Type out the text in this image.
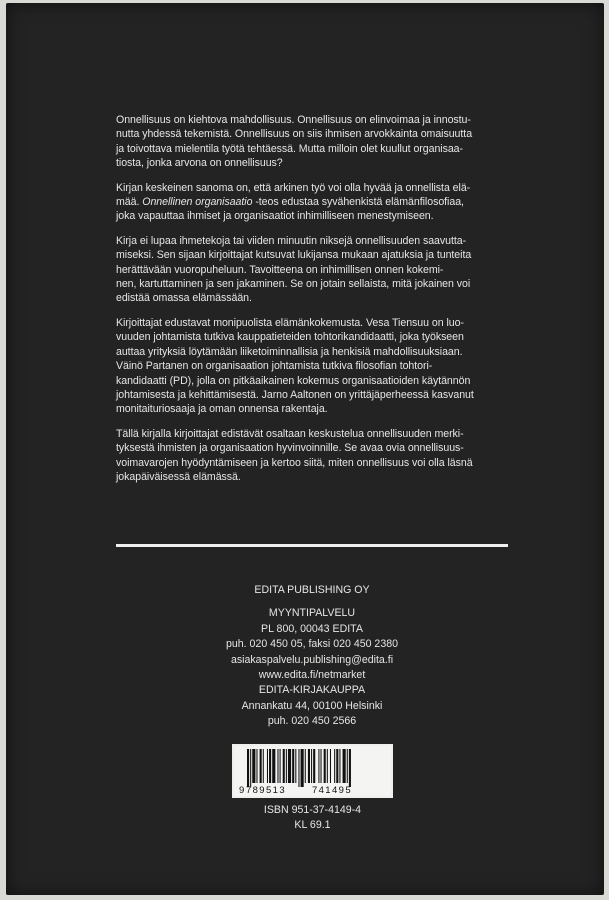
Onnellisuus on kiehtova mahdollisuus. Onnellisuus on elinvoimaa ja innostu-
nutta yhdessä tekemistä. Onnellisuus on siis ihmisen arvokkainta omaisuutta
ja toivottava mielentila työtä tehtäessä. Mutta milloin olet kuullut organisaa-
tiosta, jonka arvona on onnellisuus?

Kirjan keskeinen sanoma on, että arkinen työ voi olla hyvää ja onnellista elä-
mää. Onnellinen organisaatio -teos edustaa syvähenkistä elämänfilosofiaa,
joka vapauttaa ihmiset ja organisaatiot inhimilliseen menestymiseen.

Kirja ei lupaa ihmetekoja tai viiden minuutin niksejä onnellisuuden saavutta-
miseksi. Sen sijaan kirjoittajat kutsuvat lukijansa mukaan ajatuksia ja tunteita
herättävään vuoropuheluun. Tavoitteena on inhimillisen onnen kokemi-
nen, kartuttaminen ja sen jakaminen. Se on jotain sellaista, mitä jokainen voi
edistää omassa elämässään.

Kirjoittajat edustavat monipuolista elämänkokemusta. Vesa Tiensuu on luo-
vuuden johtamista tutkiva kauppatieteiden tohtorikandidaatti, joka työkseen
auttaa yrityksiä löytämään liiketoiminnallisia ja henkisiä mahdollisuuksiaan.
Väinö Partanen on organisaation johtamista tutkiva filosofian tohtori-
kandidaatti (PD), jolla on pitkäaikainen kokemus organisaatioiden käytännön
johtamisesta ja kehittämisestä. Jarno Aaltonen on yrittäjäperheessä kasvanut
monitaituriosaaja ja oman onnensa rakentaja.

Tällä kirjalla kirjoittajat edistävät osaltaan keskustelua onnellisuuden merki-
tyksestä ihmisten ja organisaation hyvinvoinnille. Se avaa ovia onnellisuus-
voimavarojen hyödyntämiseen ja kertoo siitä, miten onnellisuus voi olla läsnä
jokapäiväisessä elämässä.

EDITA PUBLISHING OY
MYYNTIPALVELU
PL 800, 00043 EDITA
puh. 020 450 05, faksi 020 450 2380
asiakaspalvelu.publishing@edita.fi
www.edita.fi/netmarket
EDITA-KIRJAKAUPPA
Annankatu 44, 00100 Helsinki
puh. 020 450 2566
9 789513	741495
ISBN 951-37-4149-4
KL 69.1
